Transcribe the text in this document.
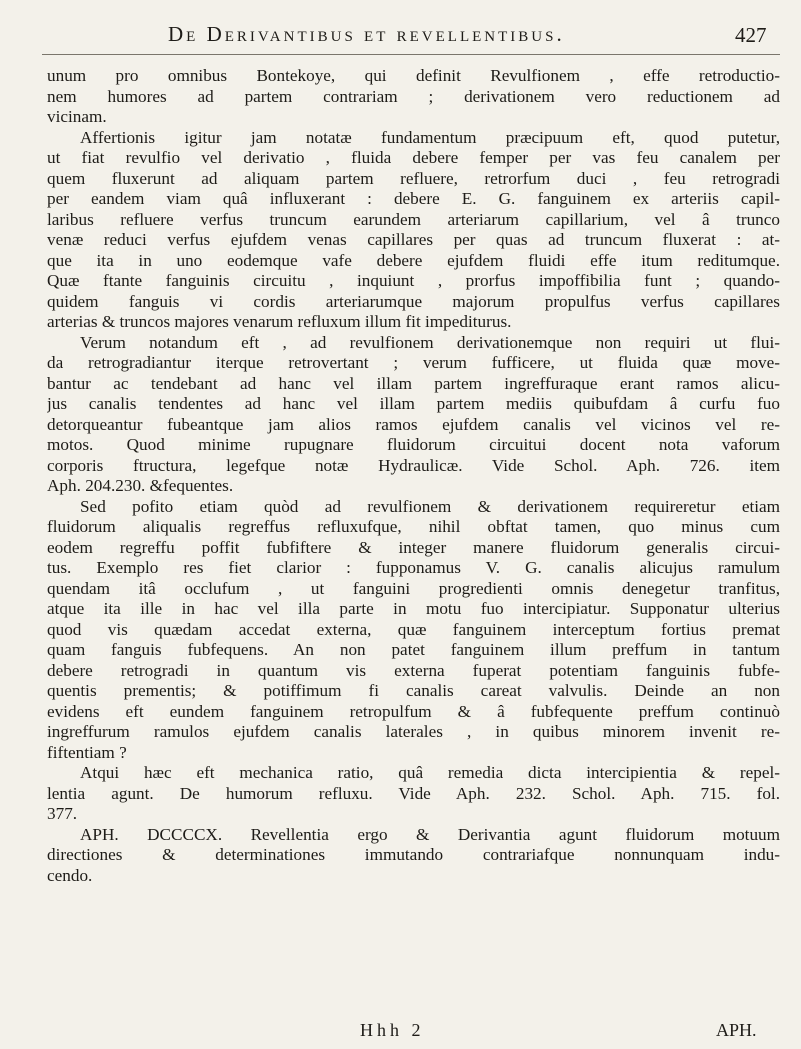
De Derivantibus et revellentibus.	427
unum pro omnibus Bontekoye, qui definit Revulfionem , effe retroductio-
nem humores ad partem contrariam ; derivationem vero reductionem ad
vicinam.
Affertionis igitur jam notatæ fundamentum præcipuum eft, quod putetur,
ut fiat revulfio vel derivatio , fluida debere femper per vas feu canalem per
quem fluxerunt ad aliquam partem refluere, retrorfum duci , feu retrogradi
per eandem viam quâ influxerant : debere E. G. fanguinem ex arteriis capil-
laribus refluere verfus truncum earundem arteriarum capillarium, vel â trunco
venæ reduci verfus ejufdem venas capillares per quas ad truncum fluxerat : at-
que ita in uno eodemque vafe debere ejufdem fluidi effe itum reditumque.
Quæ ftante fanguinis circuitu , inquiunt , prorfus impoffibilia funt ; quando-
quidem fanguis vi cordis arteriarumque majorum propulfus verfus capillares
arterias & truncos majores venarum refluxum illum fit impediturus.
Verum notandum eft , ad revulfionem derivationemque non requiri ut flui-
da retrogradiantur iterque retrovertant ; verum fufficere, ut fluida quæ move-
bantur ac tendebant ad hanc vel illam partem ingreffuraque erant ramos alicu-
jus canalis tendentes ad hanc vel illam partem mediis quibufdam â curfu fuo
detorqueantur fubeantque jam alios ramos ejufdem canalis vel vicinos vel re-
motos. Quod minime rupugnare fluidorum circuitui docent nota vaforum
corporis ftructura, legefque notæ Hydraulicæ. Vide Schol. Aph. 726. item
Aph. 204.230. &fequentes.
Sed pofito etiam quòd ad revulfionem & derivationem requireretur etiam
fluidorum aliqualis regreffus refluxufque, nihil obftat tamen, quo minus cum
eodem regreffu poffit fubfiftere & integer manere fluidorum generalis circui-
tus. Exemplo res fiet clarior : fupponamus V. G. canalis alicujus ramulum
quendam itâ occlufum , ut fanguini progredienti omnis denegetur tranfitus,
atque ita ille in hac vel illa parte in motu fuo intercipiatur. Supponatur ulterius
quod vis quædam accedat externa, quæ fanguinem interceptum fortius premat
quam fanguis fubfequens. An non patet fanguinem illum preffum in tantum
debere retrogradi in quantum vis externa fuperat potentiam fanguinis fubfe-
quentis prementis; & potiffimum fi canalis careat valvulis. Deinde an non
evidens eft eundem fanguinem retropulfum & â fubfequente preffum continuò
ingreffurum ramulos ejufdem canalis laterales , in quibus minorem invenit re-
fiftentiam ?
Atqui hæc eft mechanica ratio, quâ remedia dicta intercipientia & repel-
lentia agunt. De humorum refluxu. Vide Aph. 232. Schol. Aph. 715. fol.
377.
APH. DCCCCX. Revellentia ergo & Derivantia agunt fluidorum motuum
directiones & determinationes immutando contrariafque nonnunquam indu-
cendo.
Hhh 2	APH.
